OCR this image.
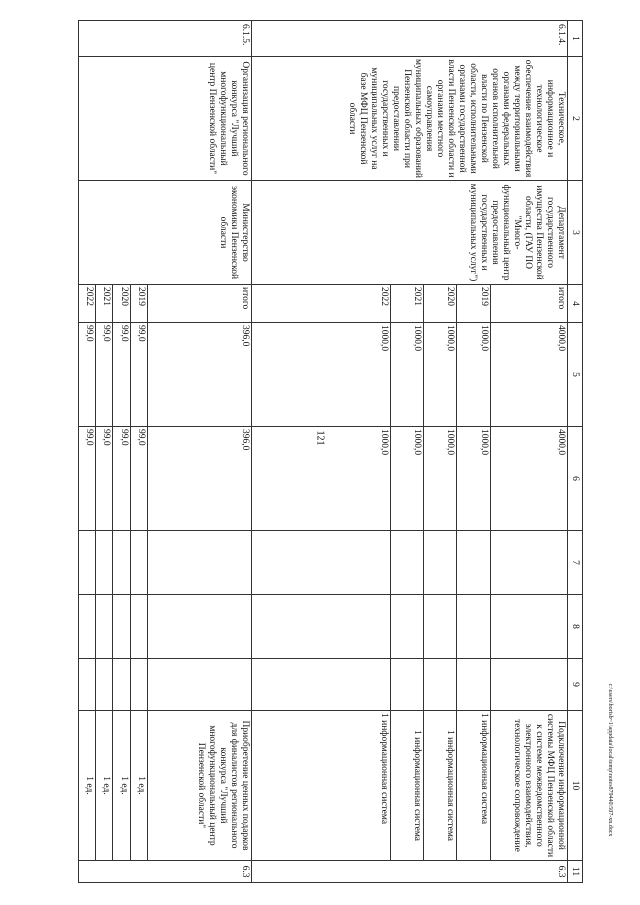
121
1	2	3	4	5	6	7	8	9	10	11
6.1.4.	Техническое, информационное и технологическое обеспечение взаимодействия между территориальными органами федеральных органов исполнительной власти по Пензенской области, исполнительными органами государственной власти Пензенской области и органами местного самоуправления муниципальных образований Пензенской области при предоставлении государственных и муниципальных услуг на базе МФЦ Пензенской области	Департамент государственного имущества Пензенской области, (ГАУ ПО "Много-функциональный центр предоставления государственных и муниципальных услуг")	итого	4000,0	4000,0				Подключение информационной системы МФЦ Пензенской области к системе межведомственного электронного взаимодействия, технологическое сопровождение	6.3
			2019	1000,0	1000,0				1 информационная система	
			2020	1000,0	1000,0				1 информационная система	
			2021	1000,0	1000,0				1 информационная система	
			2022	1000,0	1000,0				1 информационная система	
6.1.5.	Организация регионального конкурса "Лучший многофункциональный центр Пензенской области"	Министерство экономики Пензенской области	итого	396,0	396,0				Приобретение ценных подарков для финалистов регионального конкурса "Лучший многофункциональный центр Пензенской области"	6.3
			2019	99,0	99,0				1 ед.	
			2020	99,0	99,0				1 ед.	
			2021	99,0	99,0				1 ед.	
			2022	99,0	99,0				1 ед.		c:\users\borisb~1\appdata\local\temp\notes879440\507-xn.docx
